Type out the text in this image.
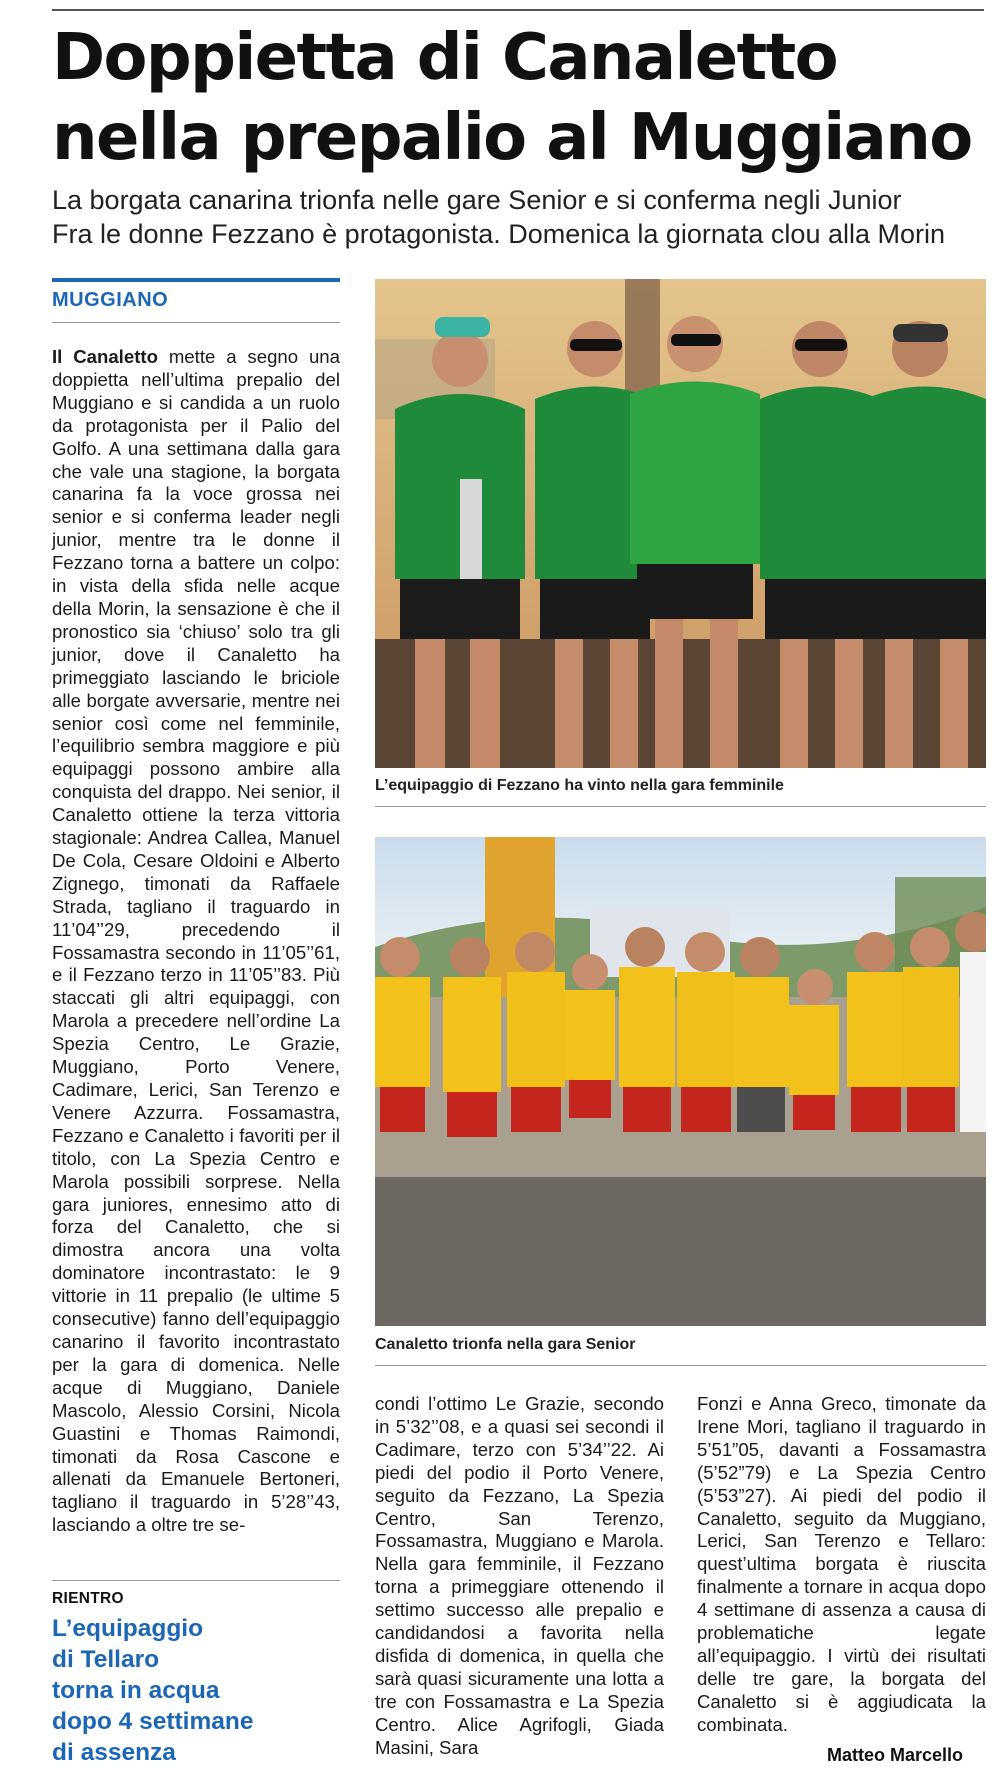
Doppietta di Canaletto
nella prepalio al Muggiano
La borgata canarina trionfa nelle gare Senior e si conferma negli Junior
Fra le donne Fezzano è protagonista. Domenica la giornata clou alla Morin
MUGGIANO

Il Canaletto mette a segno una doppietta nell’ultima prepalio del Muggiano e si candida a un ruolo da protagonista per il Palio del Golfo. A una settimana dalla gara che vale una stagione, la borgata canarina fa la voce grossa nei senior e si conferma leader negli junior, mentre tra le donne il Fezzano torna a battere un colpo: in vista della sfida nelle acque della Morin, la sensazione è che il pronostico sia ‘chiuso’ solo tra gli junior, dove il Canaletto ha primeggiato lasciando le briciole alle borgate avversarie, mentre nei senior così come nel femminile, l’equilibrio sembra maggiore e più equipaggi possono ambire alla conquista del drappo. Nei senior, il Canaletto ottiene la terza vittoria stagionale: Andrea Callea, Manuel De Cola, Cesare Oldoini e Alberto Zignego, timonati da Raffaele Strada, tagliano il traguardo in 11’04’’29, precedendo il Fossamastra secondo in 11’05’’61, e il Fezzano terzo in 11’05’’83. Più staccati gli altri equipaggi, con Marola a precedere nell’ordine La Spezia Centro, Le Grazie, Muggiano, Porto Venere, Cadimare, Lerici, San Terenzo e Venere Azzurra. Fossamastra, Fezzano e Canaletto i favoriti per il titolo, con La Spezia Centro e Marola possibili sorprese. Nella gara juniores, ennesimo atto di forza del Canaletto, che si dimostra ancora una volta dominatore incontrastato: le 9 vittorie in 11 prepalio (le ultime 5 consecutive) fanno dell’equipaggio canarino il favorito incontrastato per la gara di domenica. Nelle acque di Muggiano, Daniele Mascolo, Alessio Corsini, Nicola Guastini e Thomas Raimondi, timonati da Rosa Cascone e allenati da Emanuele Bertoneri, tagliano il traguardo in 5’28’’43, lasciando a oltre tre se-

RIENTRO
L’equipaggio
di Tellaro
torna in acqua
dopo 4 settimane
di assenza
L’equipaggio di Fezzano ha vinto nella gara femminile
Canaletto trionfa nella gara Senior

condi l’ottimo Le Grazie, secondo in 5’32’’08, e a quasi sei secondi il Cadimare, terzo con 5’34’’22. Ai piedi del podio il Porto Venere, seguito da Fezzano, La Spezia Centro, San Terenzo, Fossamastra, Muggiano e Marola. Nella gara femminile, il Fezzano torna a primeggiare ottenendo il settimo successo alle prepalio e candidandosi a favorita nella disfida di domenica, in quella che sarà quasi sicuramente una lotta a tre con Fossamastra e La Spezia Centro. Alice Agrifogli, Giada Masini, Sara

Fonzi e Anna Greco, timonate da Irene Mori, tagliano il traguardo in 5’51”05, davanti a Fossamastra (5’52”79) e La Spezia Centro (5’53”27). Ai piedi del podio il Canaletto, seguito da Muggiano, Lerici, San Terenzo e Tellaro: quest’ultima borgata è riuscita finalmente a tornare in acqua dopo 4 settimane di assenza a causa di problematiche legate all’equipaggio. I virtù dei risultati delle tre gare, la borgata del Canaletto si è aggiudicata la combinata.

Matteo Marcello
